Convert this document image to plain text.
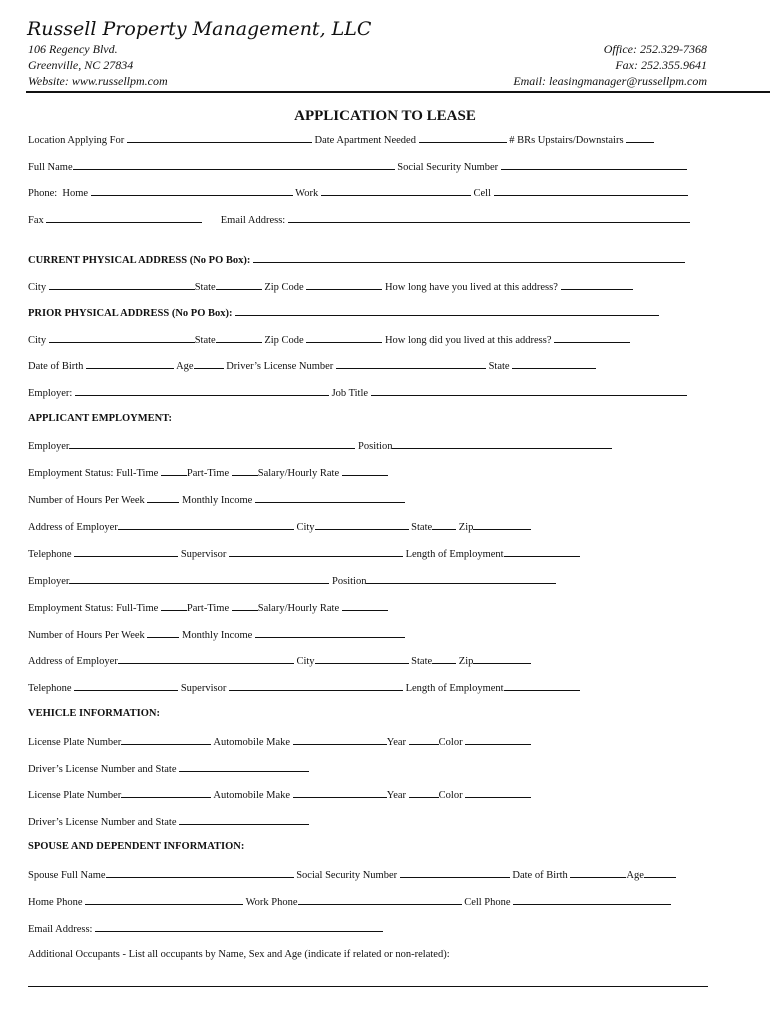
Russell Property Management, LLC
106 Regency Blvd.
Greenville, NC 27834
Website: www.russellpm.com
Office: 252.329-7368
Fax: 252.355.9641
Email: leasingmanager@russellpm.com
APPLICATION TO LEASE
Location Applying For	Date Apartment Needed	# BRs Upstairs/Downstairs
Full Name	Social Security Number
Phone:  Home	Work	Cell
Fax	Email Address:
CURRENT PHYSICAL ADDRESS (No PO Box):
City	State	Zip Code	How long have you lived at this address?
PRIOR PHYSICAL ADDRESS (No PO Box):
City	State	Zip Code	How long did you lived at this address?
Date of Birth	Age	Driver’s License Number	State
Employer:	Job Title
APPLICANT EMPLOYMENT:
Employer	Position
Employment Status: Full-Time	Part-Time	Salary/Hourly Rate
Number of Hours Per Week	Monthly Income
Address of Employer	City	State	Zip
Telephone	Supervisor	Length of Employment
Employer	Position
Employment Status: Full-Time	Part-Time	Salary/Hourly Rate
Number of Hours Per Week	Monthly Income
Address of Employer	City	State	Zip
Telephone	Supervisor	Length of Employment
VEHICLE INFORMATION:
License Plate Number	Automobile Make	Year	Color
Driver’s License Number and State
License Plate Number	Automobile Make	Year	Color
Driver’s License Number and State
SPOUSE AND DEPENDENT INFORMATION:
Spouse Full Name	Social Security Number	Date of Birth	Age
Home Phone	Work Phone	Cell Phone
Email Address:
Additional Occupants - List all occupants by Name, Sex and Age (indicate if related or non-related):
